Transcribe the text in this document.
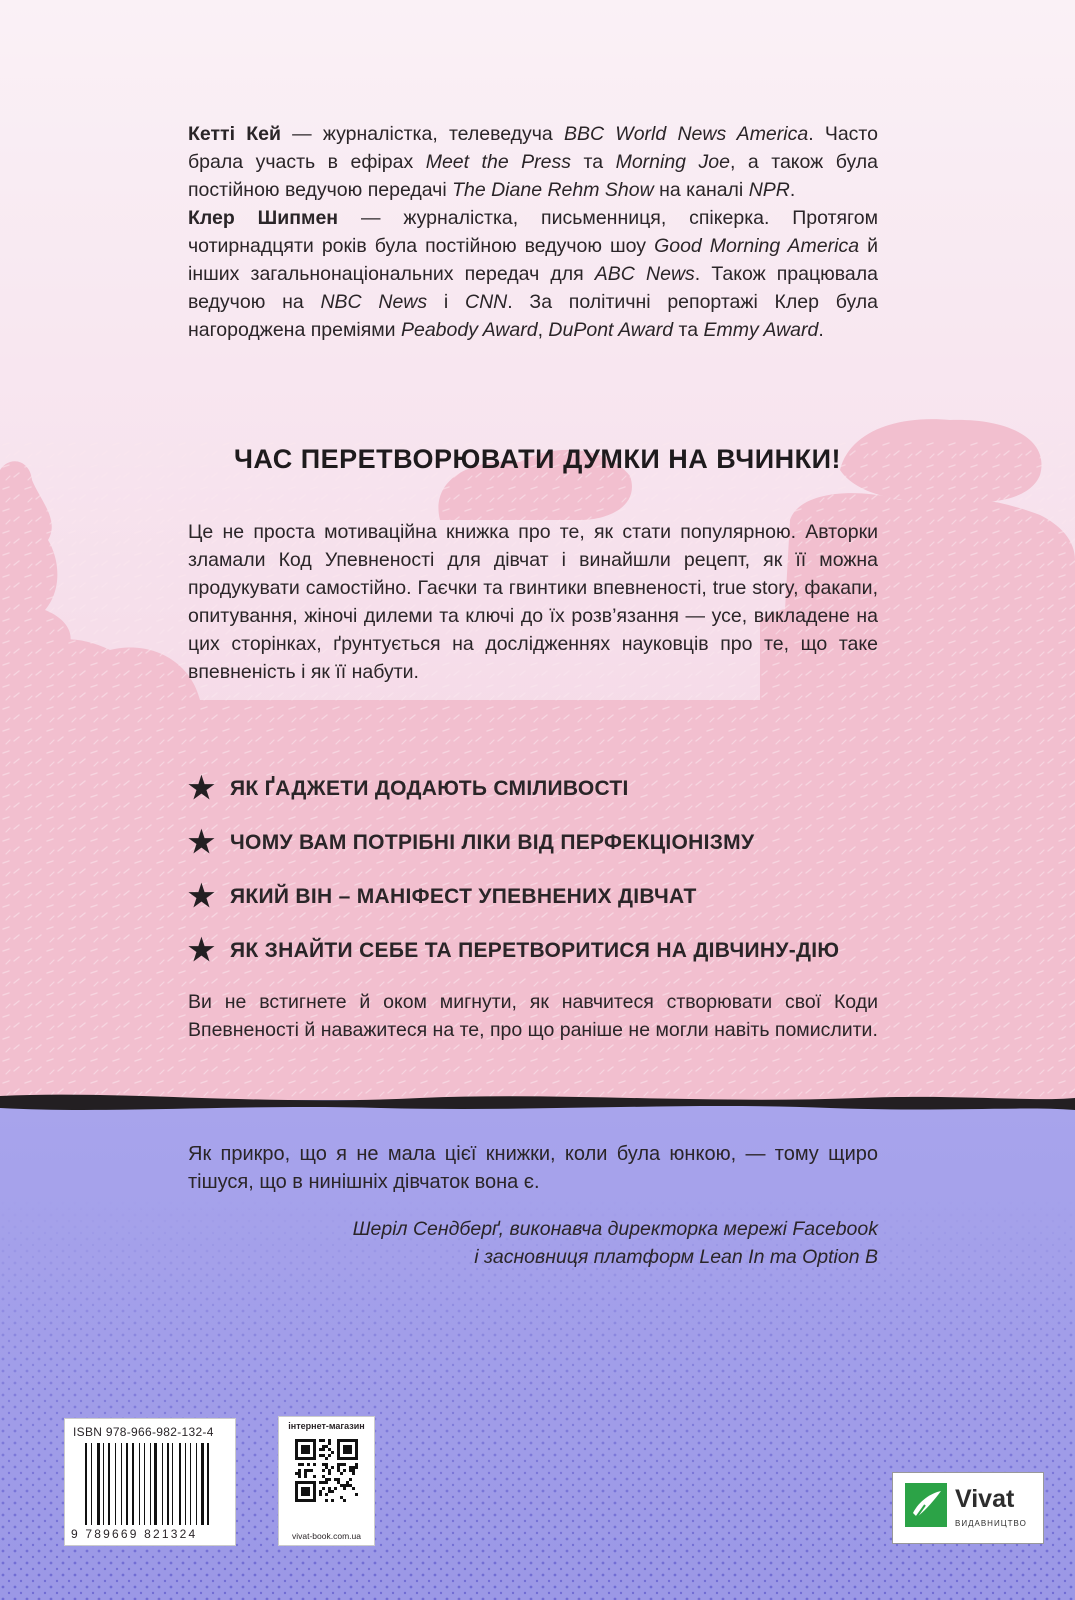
Кетті Кей — журналістка, телеведуча BBC World News America. Часто брала участь в ефірах Meet the Press та Morning Joe, а також була постійною ведучою передачі The Diane Rehm Show на каналі NPR.

Клер Шипмен — журналістка, письменниця, спікерка. Протягом чотирнадцяти років була постійною ведучою шоу Good Morning America й інших загальнонаціональних передач для ABC News. Також працювала ведучою на NBC News і CNN. За політичні репортажі Клер була нагороджена преміями Peabody Award, DuPont Award та Emmy Award.

ЧАС ПЕРЕТВОРЮВАТИ ДУМКИ НА ВЧИНКИ!
Це не проста мотиваційна книжка про те, як стати популярною. Авторки зламали Код Упевненості для дівчат і винайшли рецепт, як її можна продукувати самостійно. Гаєчки та гвинтики впевненості, true story, факапи, опитування, жіночі дилеми та ключі до їх розв’язання — усе, викладене на цих сторінках, ґрунтується на дослідженнях науковців про те, що таке впевненість і як її набути.
★ ЯК ҐАДЖЕТИ ДОДАЮТЬ СМІЛИВОСТІ
★ ЧОМУ ВАМ ПОТРІБНІ ЛІКИ ВІД ПЕРФЕКЦІОНІЗМУ
★ ЯКИЙ ВІН – МАНІФЕСТ УПЕВНЕНИХ ДІВЧАТ
★ ЯК ЗНАЙТИ СЕБЕ ТА ПЕРЕТВОРИТИСЯ НА ДІВЧИНУ-ДІЮ
Ви не встигнете й оком мигнути, як навчитеся створювати свої Коди Впевненості й наважитеся на те, про що раніше не могли навіть помислити.
Як прикро, що я не мала цієї книжки, коли була юнкою, — тому щиро тішуся, що в нинішніх дівчаток вона є.
Шеріл Сендберґ, виконавча директорка мережі Facebook
і засновниця платформ Lean In та Option B
ISBN 978-966-982-132-4
9 789669 821324
інтернет-магазин
vivat-book.com.ua
Vivat
ВИДАВНИЦТВО
